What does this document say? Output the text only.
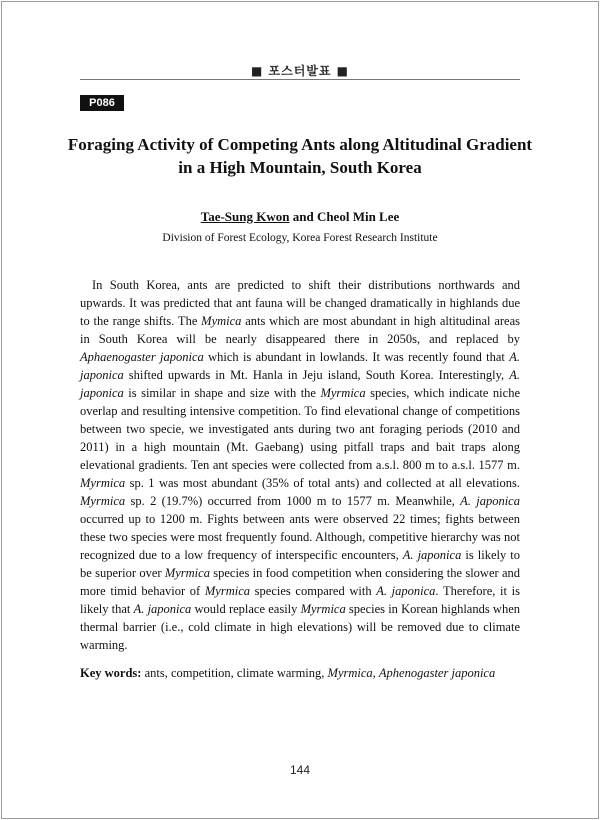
■ 포스터발표 ■
P086
Foraging Activity of Competing Ants along Altitudinal Gradient
in a High Mountain, South Korea
Tae-Sung Kwon and Cheol Min Lee
Division of Forest Ecology, Korea Forest Research Institute

In South Korea, ants are predicted to shift their distributions northwards and upwards. It was predicted that ant fauna will be changed dramatically in highlands due to the range shifts. The Mymica ants which are most abundant in high altitudinal areas in South Korea will be nearly disappeared there in 2050s, and replaced by Aphaenogaster japonica which is abundant in lowlands. It was recently found that A. japonica shifted upwards in Mt. Hanla in Jeju island, South Korea. Interestingly, A. japonica is similar in shape and size with the Myrmica species, which indicate niche overlap and resulting intensive competition. To find elevational change of competitions between two specie, we investigated ants during two ant foraging periods (2010 and 2011) in a high mountain (Mt. Gaebang) using pitfall traps and bait traps along elevational gradients. Ten ant species were collected from a.s.l. 800 m to a.s.l. 1577 m. Myrmica sp. 1 was most abundant (35% of total ants) and collected at all elevations. Myrmica sp. 2 (19.7%) occurred from 1000 m to 1577 m. Meanwhile, A. japonica occurred up to 1200 m. Fights between ants were observed 22 times; fights between these two species were most frequently found. Although, competitive hierarchy was not recognized due to a low frequency of interspecific encounters, A. japonica is likely to be superior over Myrmica species in food competition when considering the slower and more timid behavior of Myrmica species compared with A. japonica. Therefore, it is likely that A. japonica would replace easily Myrmica species in Korean highlands when thermal barrier (i.e., cold climate in high elevations) will be removed due to climate warming.

Key words: ants, competition, climate warming, Myrmica, Aphenogaster japonica
144
